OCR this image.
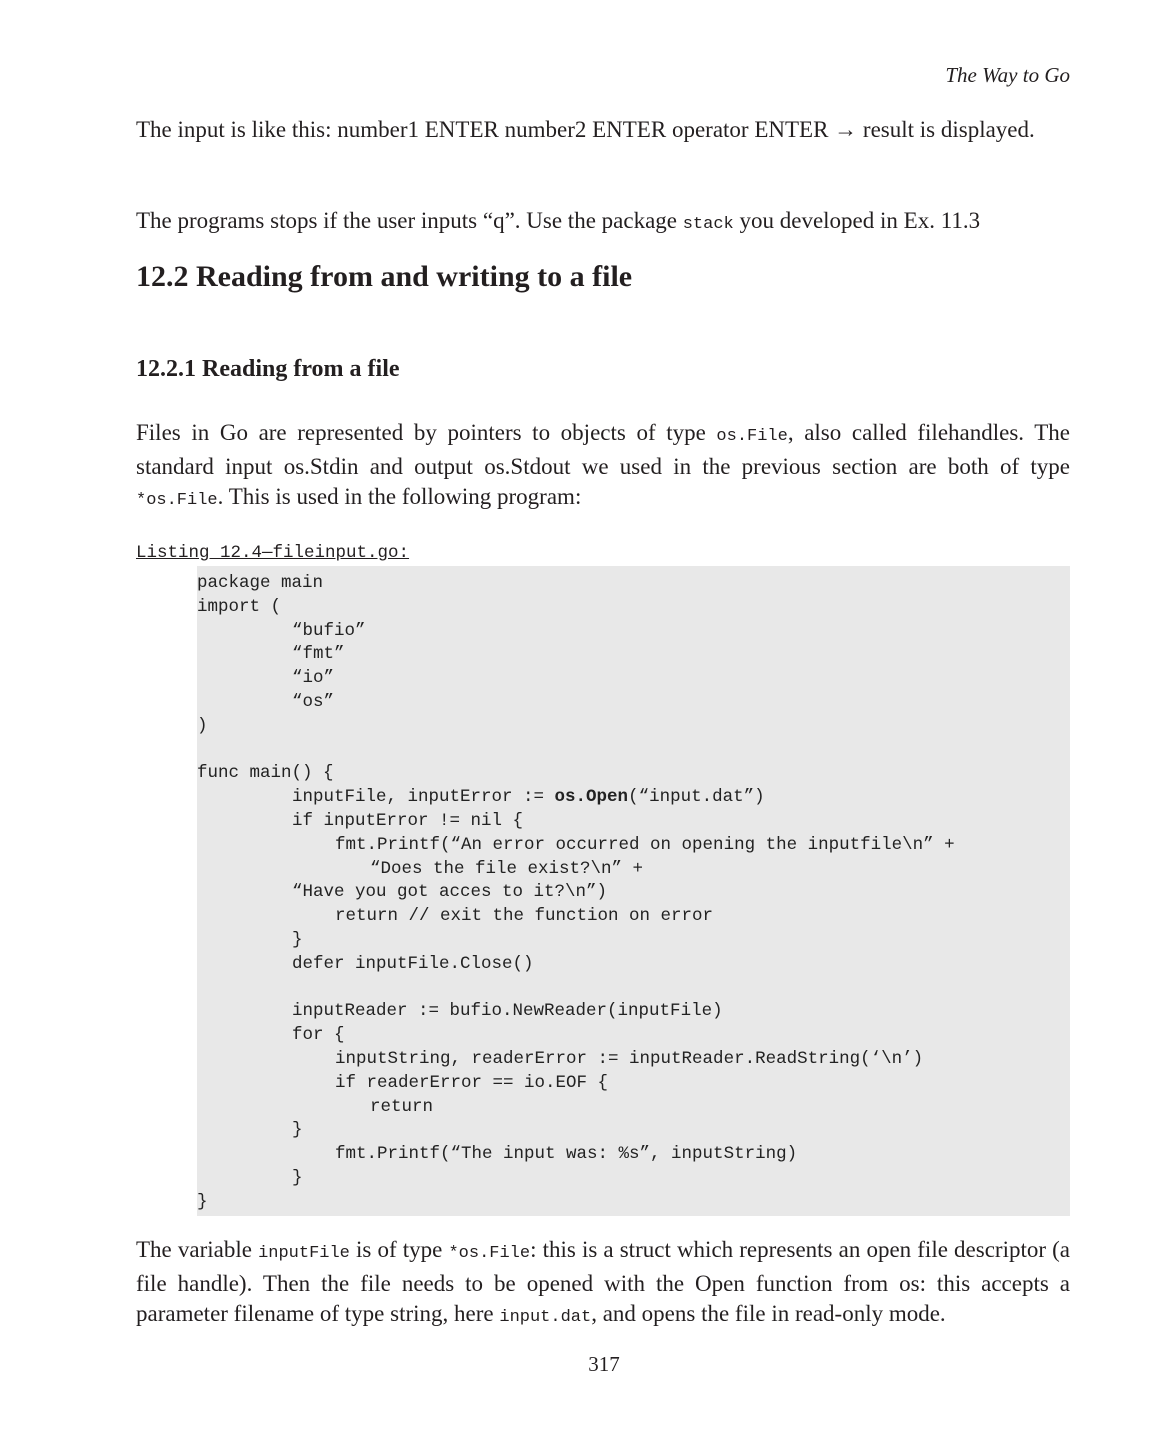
The Way to Go
The input is like this: number1 ENTER number2 ENTER operator ENTER → result is displayed.
The programs stops if the user inputs “q”. Use the package stack you developed in Ex. 11.3
12.2 Reading from and writing to a file
12.2.1 Reading from a file
Files in Go are represented by pointers to objects of type os.File, also called filehandles. The standard input os.Stdin and output os.Stdout we used in the previous section are both of type *os.File. This is used in the following program:
Listing 12.4—fileinput.go:
package main
import (
“bufio”
“fmt”
“io”
“os”
)
func main() {
inputFile, inputError := os.Open(“input.dat”)
if inputError != nil {
fmt.Printf(“An error occurred on opening the inputfile\n” +
“Does the file exist?\n” +
“Have you got acces to it?\n”)
return // exit the function on error
}
defer inputFile.Close()
inputReader := bufio.NewReader(inputFile)
for {
inputString, readerError := inputReader.ReadString(‘\n’)
if readerError == io.EOF {
return
}
fmt.Printf(“The input was: %s”, inputString)
}
}
The variable inputFile is of type *os.File: this is a struct which represents an open file descriptor (a file handle). Then the file needs to be opened with the Open function from os: this accepts a parameter filename of type string, here input.dat, and opens the file in read-only mode.
317
